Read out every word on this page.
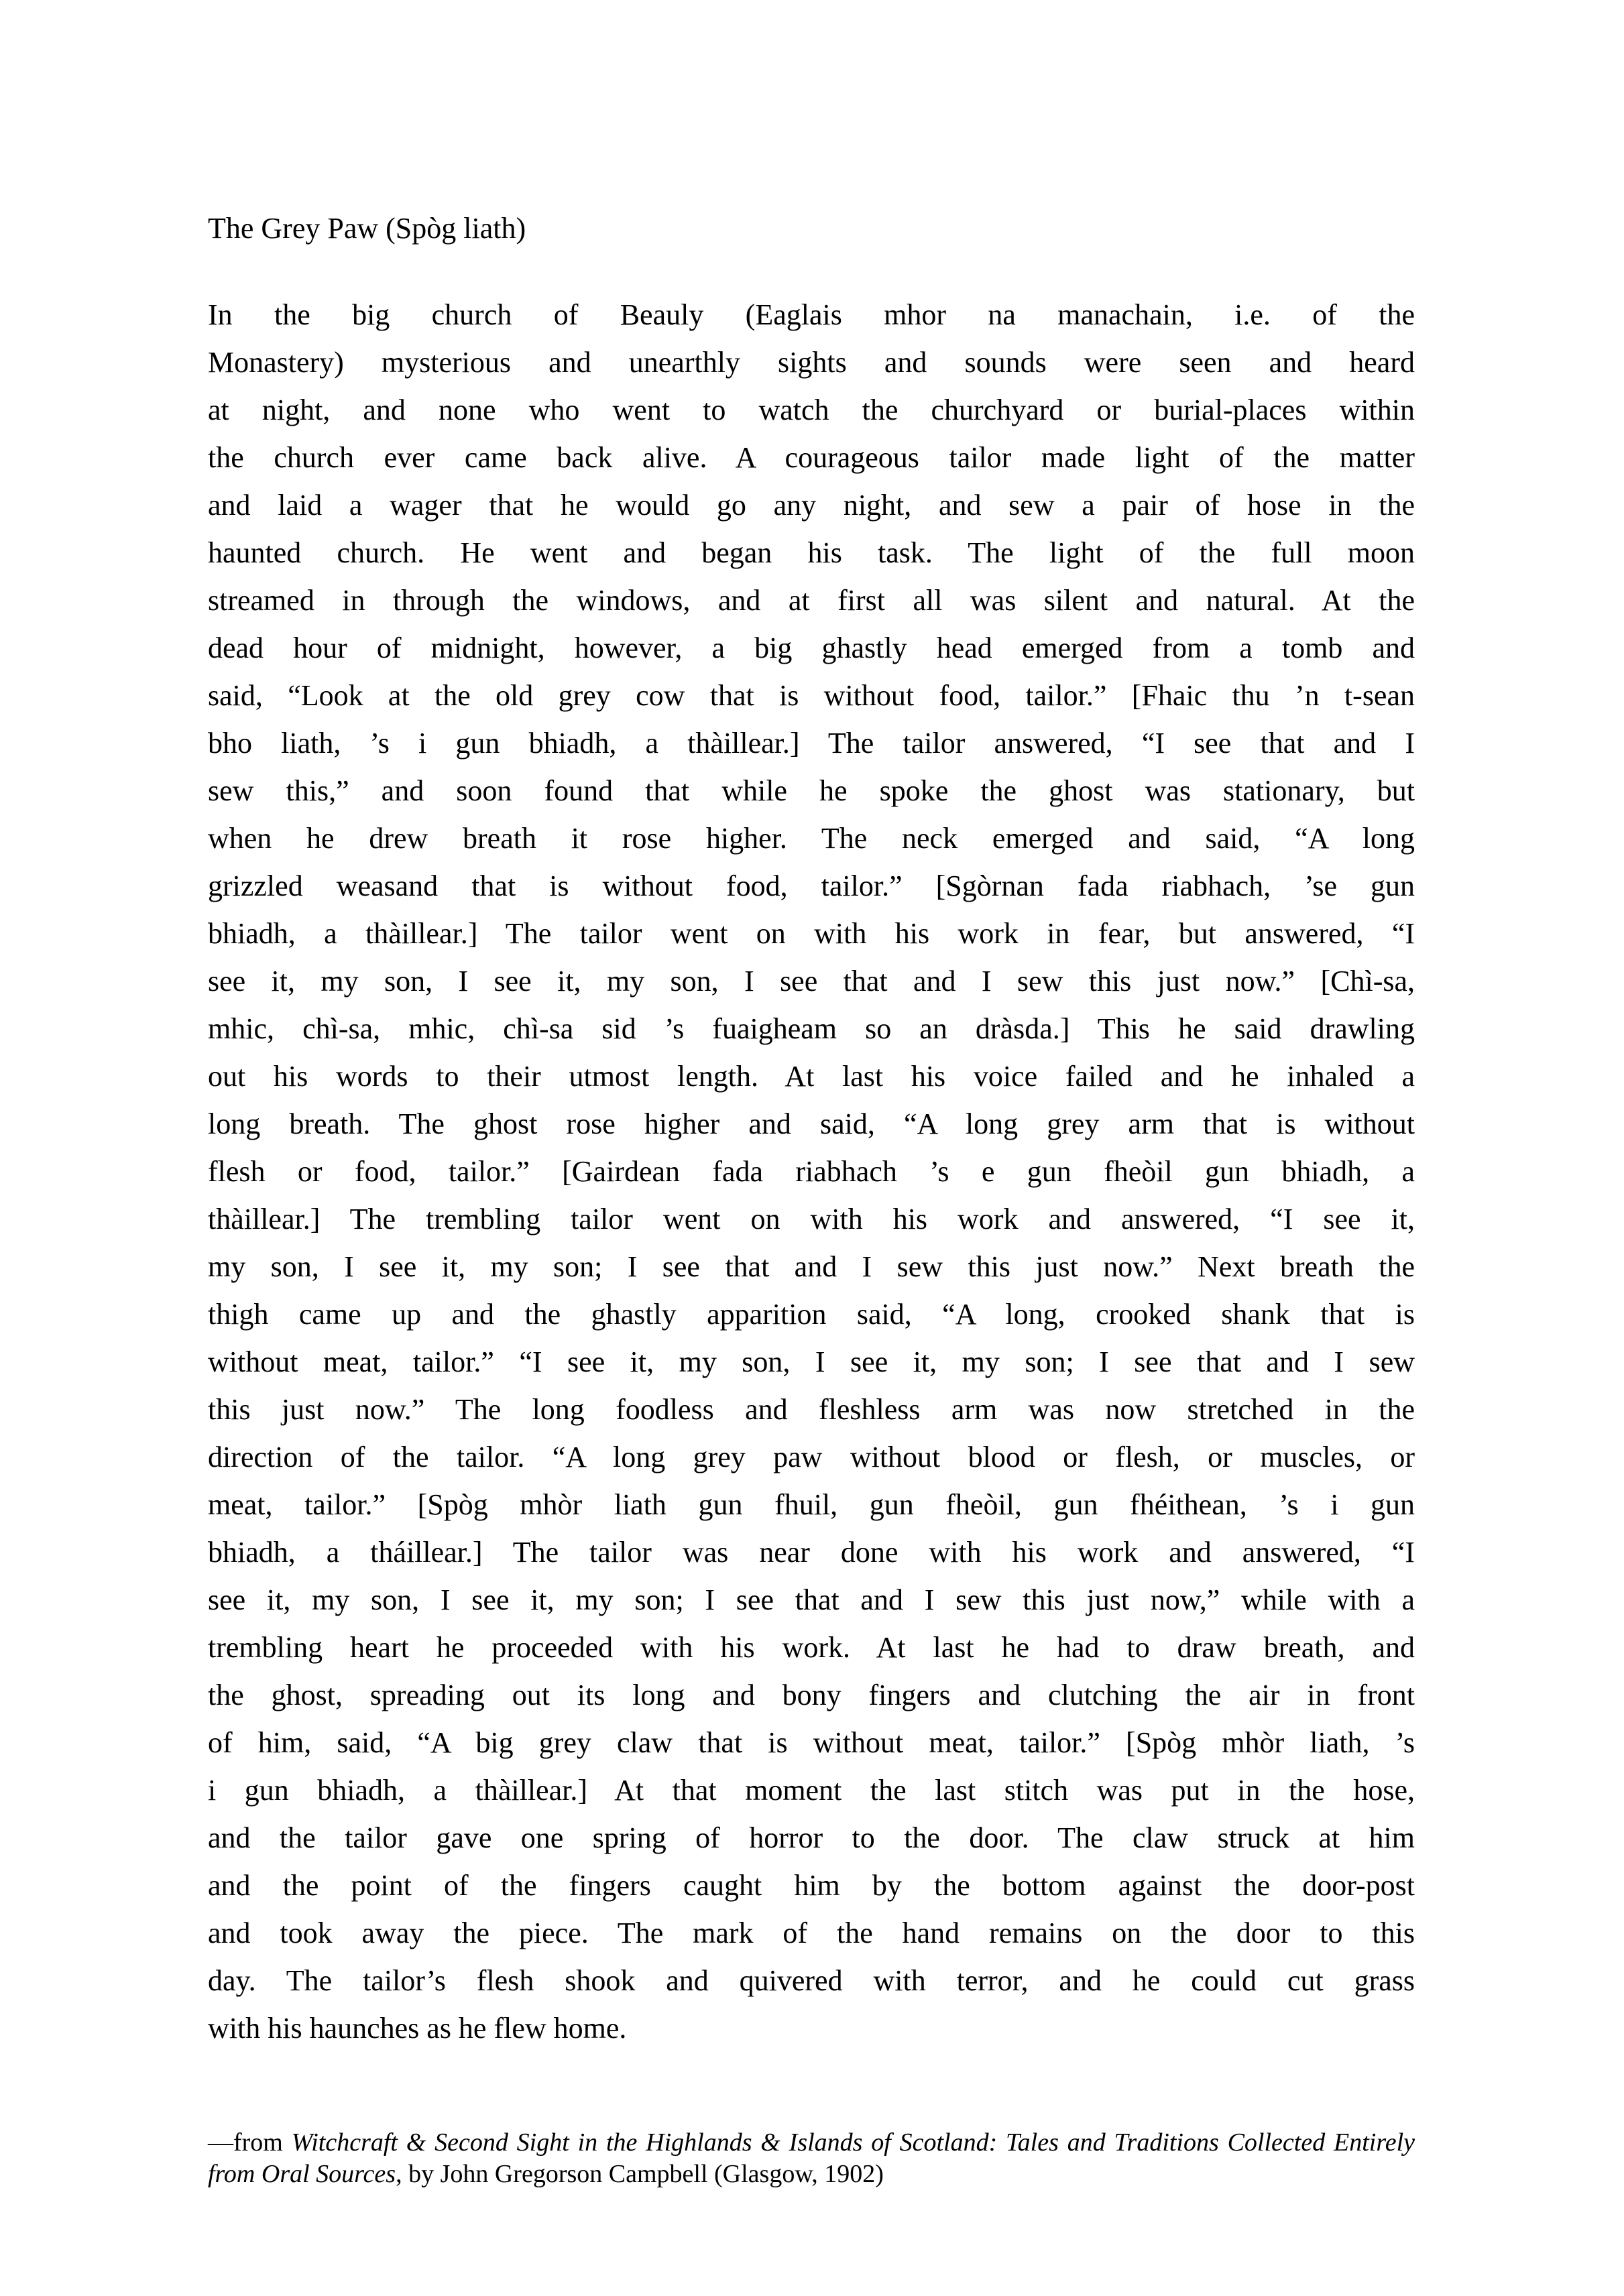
The Grey Paw (Spòg liath)
In the big church of Beauly (Eaglais mhor na manachain, i.e. of the
Monastery) mysterious and unearthly sights and sounds were seen and heard
at night, and none who went to watch the churchyard or burial-places within
the church ever came back alive. A courageous tailor made light of the matter
and laid a wager that he would go any night, and sew a pair of hose in the
haunted church. He went and began his task. The light of the full moon
streamed in through the windows, and at first all was silent and natural. At the
dead hour of midnight, however, a big ghastly head emerged from a tomb and
said, “Look at the old grey cow that is without food, tailor.” [Fhaic thu ’n t-sean
bho liath, ’s i gun bhiadh, a thàillear.] The tailor answered, “I see that and I
sew this,” and soon found that while he spoke the ghost was stationary, but
when he drew breath it rose higher. The neck emerged and said, “A long
grizzled weasand that is without food, tailor.” [Sgòrnan fada riabhach, ’se gun
bhiadh, a thàillear.] The tailor went on with his work in fear, but answered, “I
see it, my son, I see it, my son, I see that and I sew this just now.” [Chì-sa,
mhic, chì-sa, mhic, chì-sa sid ’s fuaigheam so an dràsda.] This he said drawling
out his words to their utmost length. At last his voice failed and he inhaled a
long breath. The ghost rose higher and said, “A long grey arm that is without
flesh or food, tailor.” [Gairdean fada riabhach ’s e gun fheòil gun bhiadh, a
thàillear.] The trembling tailor went on with his work and answered, “I see it,
my son, I see it, my son; I see that and I sew this just now.” Next breath the
thigh came up and the ghastly apparition said, “A long, crooked shank that is
without meat, tailor.” “I see it, my son, I see it, my son; I see that and I sew
this just now.” The long foodless and fleshless arm was now stretched in the
direction of the tailor. “A long grey paw without blood or flesh, or muscles, or
meat, tailor.” [Spòg mhòr liath gun fhuil, gun fheòil, gun fhéithean, ’s i gun
bhiadh, a tháillear.] The tailor was near done with his work and answered, “I
see it, my son, I see it, my son; I see that and I sew this just now,” while with a
trembling heart he proceeded with his work. At last he had to draw breath, and
the ghost, spreading out its long and bony fingers and clutching the air in front
of him, said, “A big grey claw that is without meat, tailor.” [Spòg mhòr liath, ’s
i gun bhiadh, a thàillear.] At that moment the last stitch was put in the hose,
and the tailor gave one spring of horror to the door. The claw struck at him
and the point of the fingers caught him by the bottom against the door-post
and took away the piece. The mark of the hand remains on the door to this
day. The tailor’s flesh shook and quivered with terror, and he could cut grass
with his haunches as he flew home.

—from Witchcraft & Second Sight in the Highlands & Islands of Scotland: Tales and Traditions Collected Entirely from Oral Sources, by John Gregorson Campbell (Glasgow, 1902)
